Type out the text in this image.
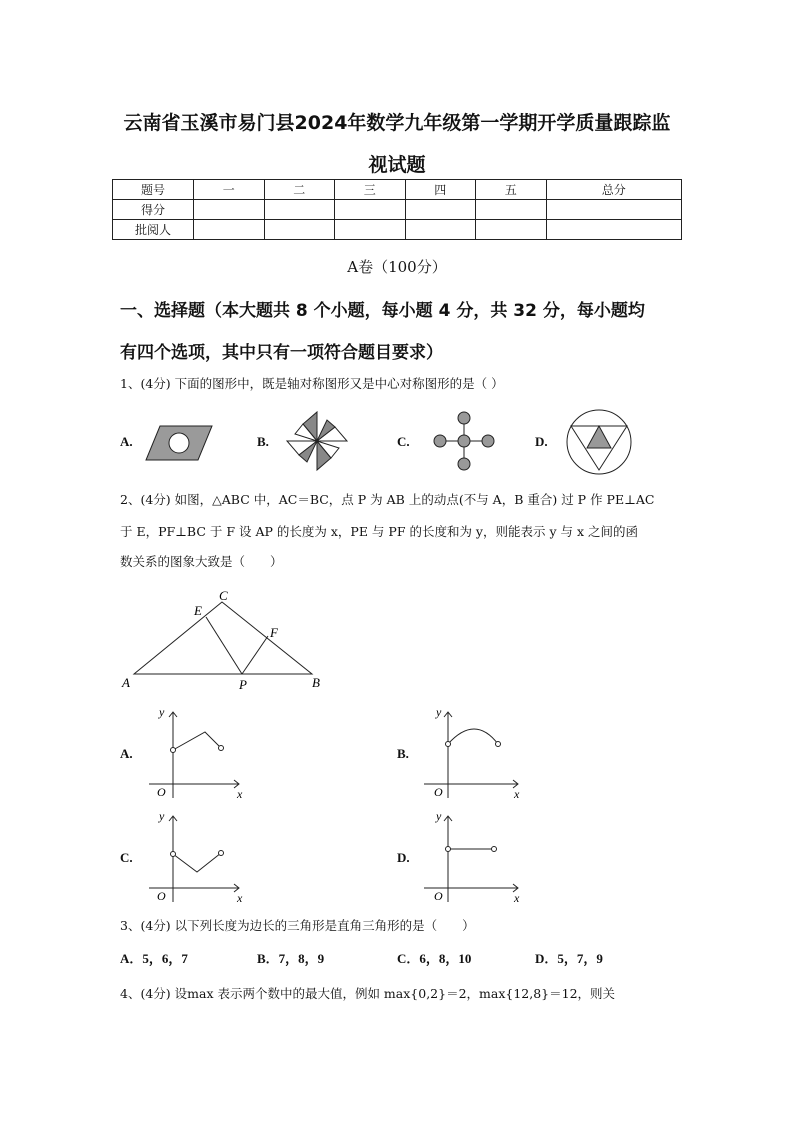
云南省玉溪市易门县2024年数学九年级第一学期开学质量跟踪监
视试题
题号	一	二	三	四	五	总分
得分						
批阅人						
A卷（100分）
一、选择题（本大题共 8 个小题，每小题 4 分，共 32 分，每小题均
有四个选项，其中只有一项符合题目要求）
1、(4分) 下面的图形中，既是轴对称图形又是中心对称图形的是（ ）
A.	B.	C.	D.
2、(4分) 如图，△ABC 中，AC＝BC，点 P 为 AB 上的动点(不与 A，B 重合) 过 P 作 PE⊥AC
于 E，PF⊥BC 于 F 设 AP 的长度为 x，PE 与 PF 的长度和为 y，则能表示 y 与 x 之间的函
数关系的图象大致是（　　）
A	B
C
E
F
P
A.
y
x
O
B.
y
x
O
C.
y
x
O
D.
y
x
O
3、(4分) 以下列长度为边长的三角形是直角三角形的是（　　）
A．5，6，7	B．7，8，9	C．6，8，10	D．5，7，9
4、(4分) 设max 表示两个数中的最大值，例如 max{0,2}＝2，max{12,8}＝12，则关
